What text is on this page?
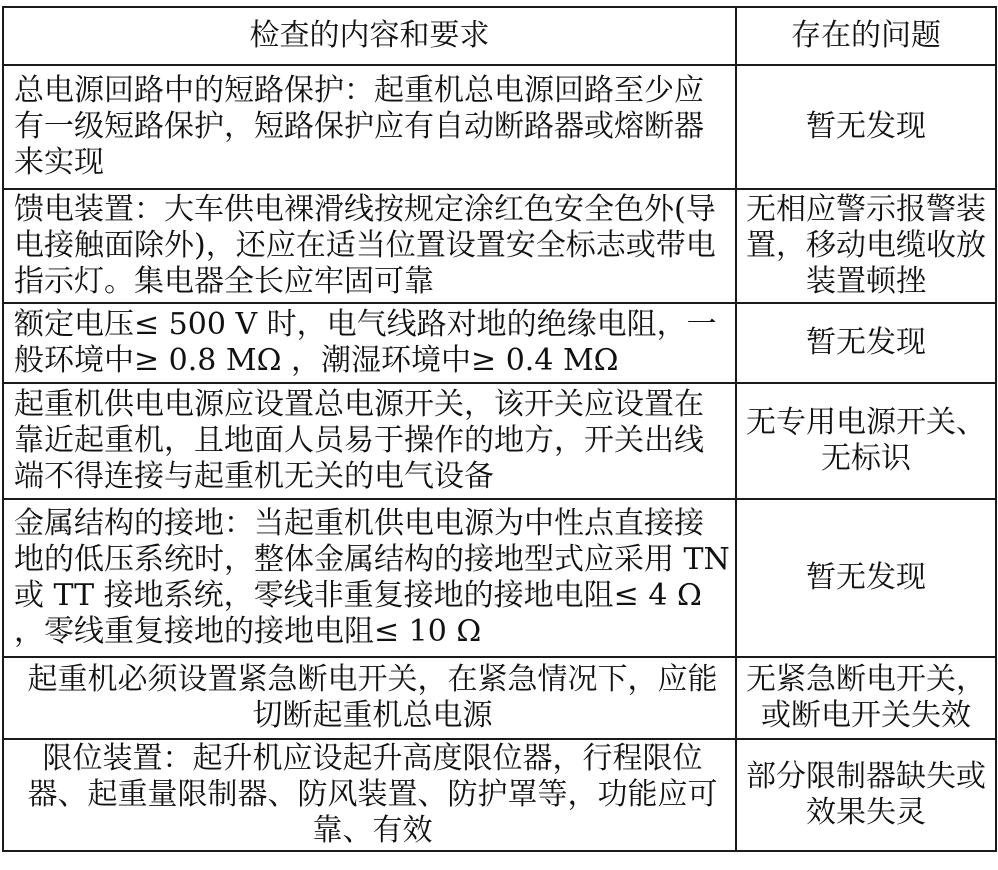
检查的内容和要求	存在的问题
总电源回路中的短路保护：起重机总电源回路至少应有一级短路保护，短路保护应有自动断路器或熔断器来实现	暂无发现
馈电装置：大车供电裸滑线按规定涂红色安全色外(导电接触面除外)，还应在适当位置设置安全标志或带电指示灯。集电器全长应牢固可靠	无相应警示报警装置，移动电缆收放装置顿挫
额定电压≤ 500 V 时，电气线路对地的绝缘电阻，一般环境中≥ 0.8 MΩ ，潮湿环境中≥ 0.4 MΩ	暂无发现
起重机供电电源应设置总电源开关，该开关应设置在靠近起重机，且地面人员易于操作的地方，开关出线端不得连接与起重机无关的电气设备	无专用电源开关、无标识
金属结构的接地：当起重机供电电源为中性点直接接地的低压系统时，整体金属结构的接地型式应采用 TN 或 TT 接地系统，零线非重复接地的接地电阻≤ 4 Ω ，零线重复接地的接地电阻≤ 10 Ω	暂无发现
起重机必须设置紧急断电开关，在紧急情况下，应能切断起重机总电源	无紧急断电开关，或断电开关失效
限位装置：起升机应设起升高度限位器，行程限位器、起重量限制器、防风装置、防护罩等，功能应可靠、有效	部分限制器缺失或效果失灵
